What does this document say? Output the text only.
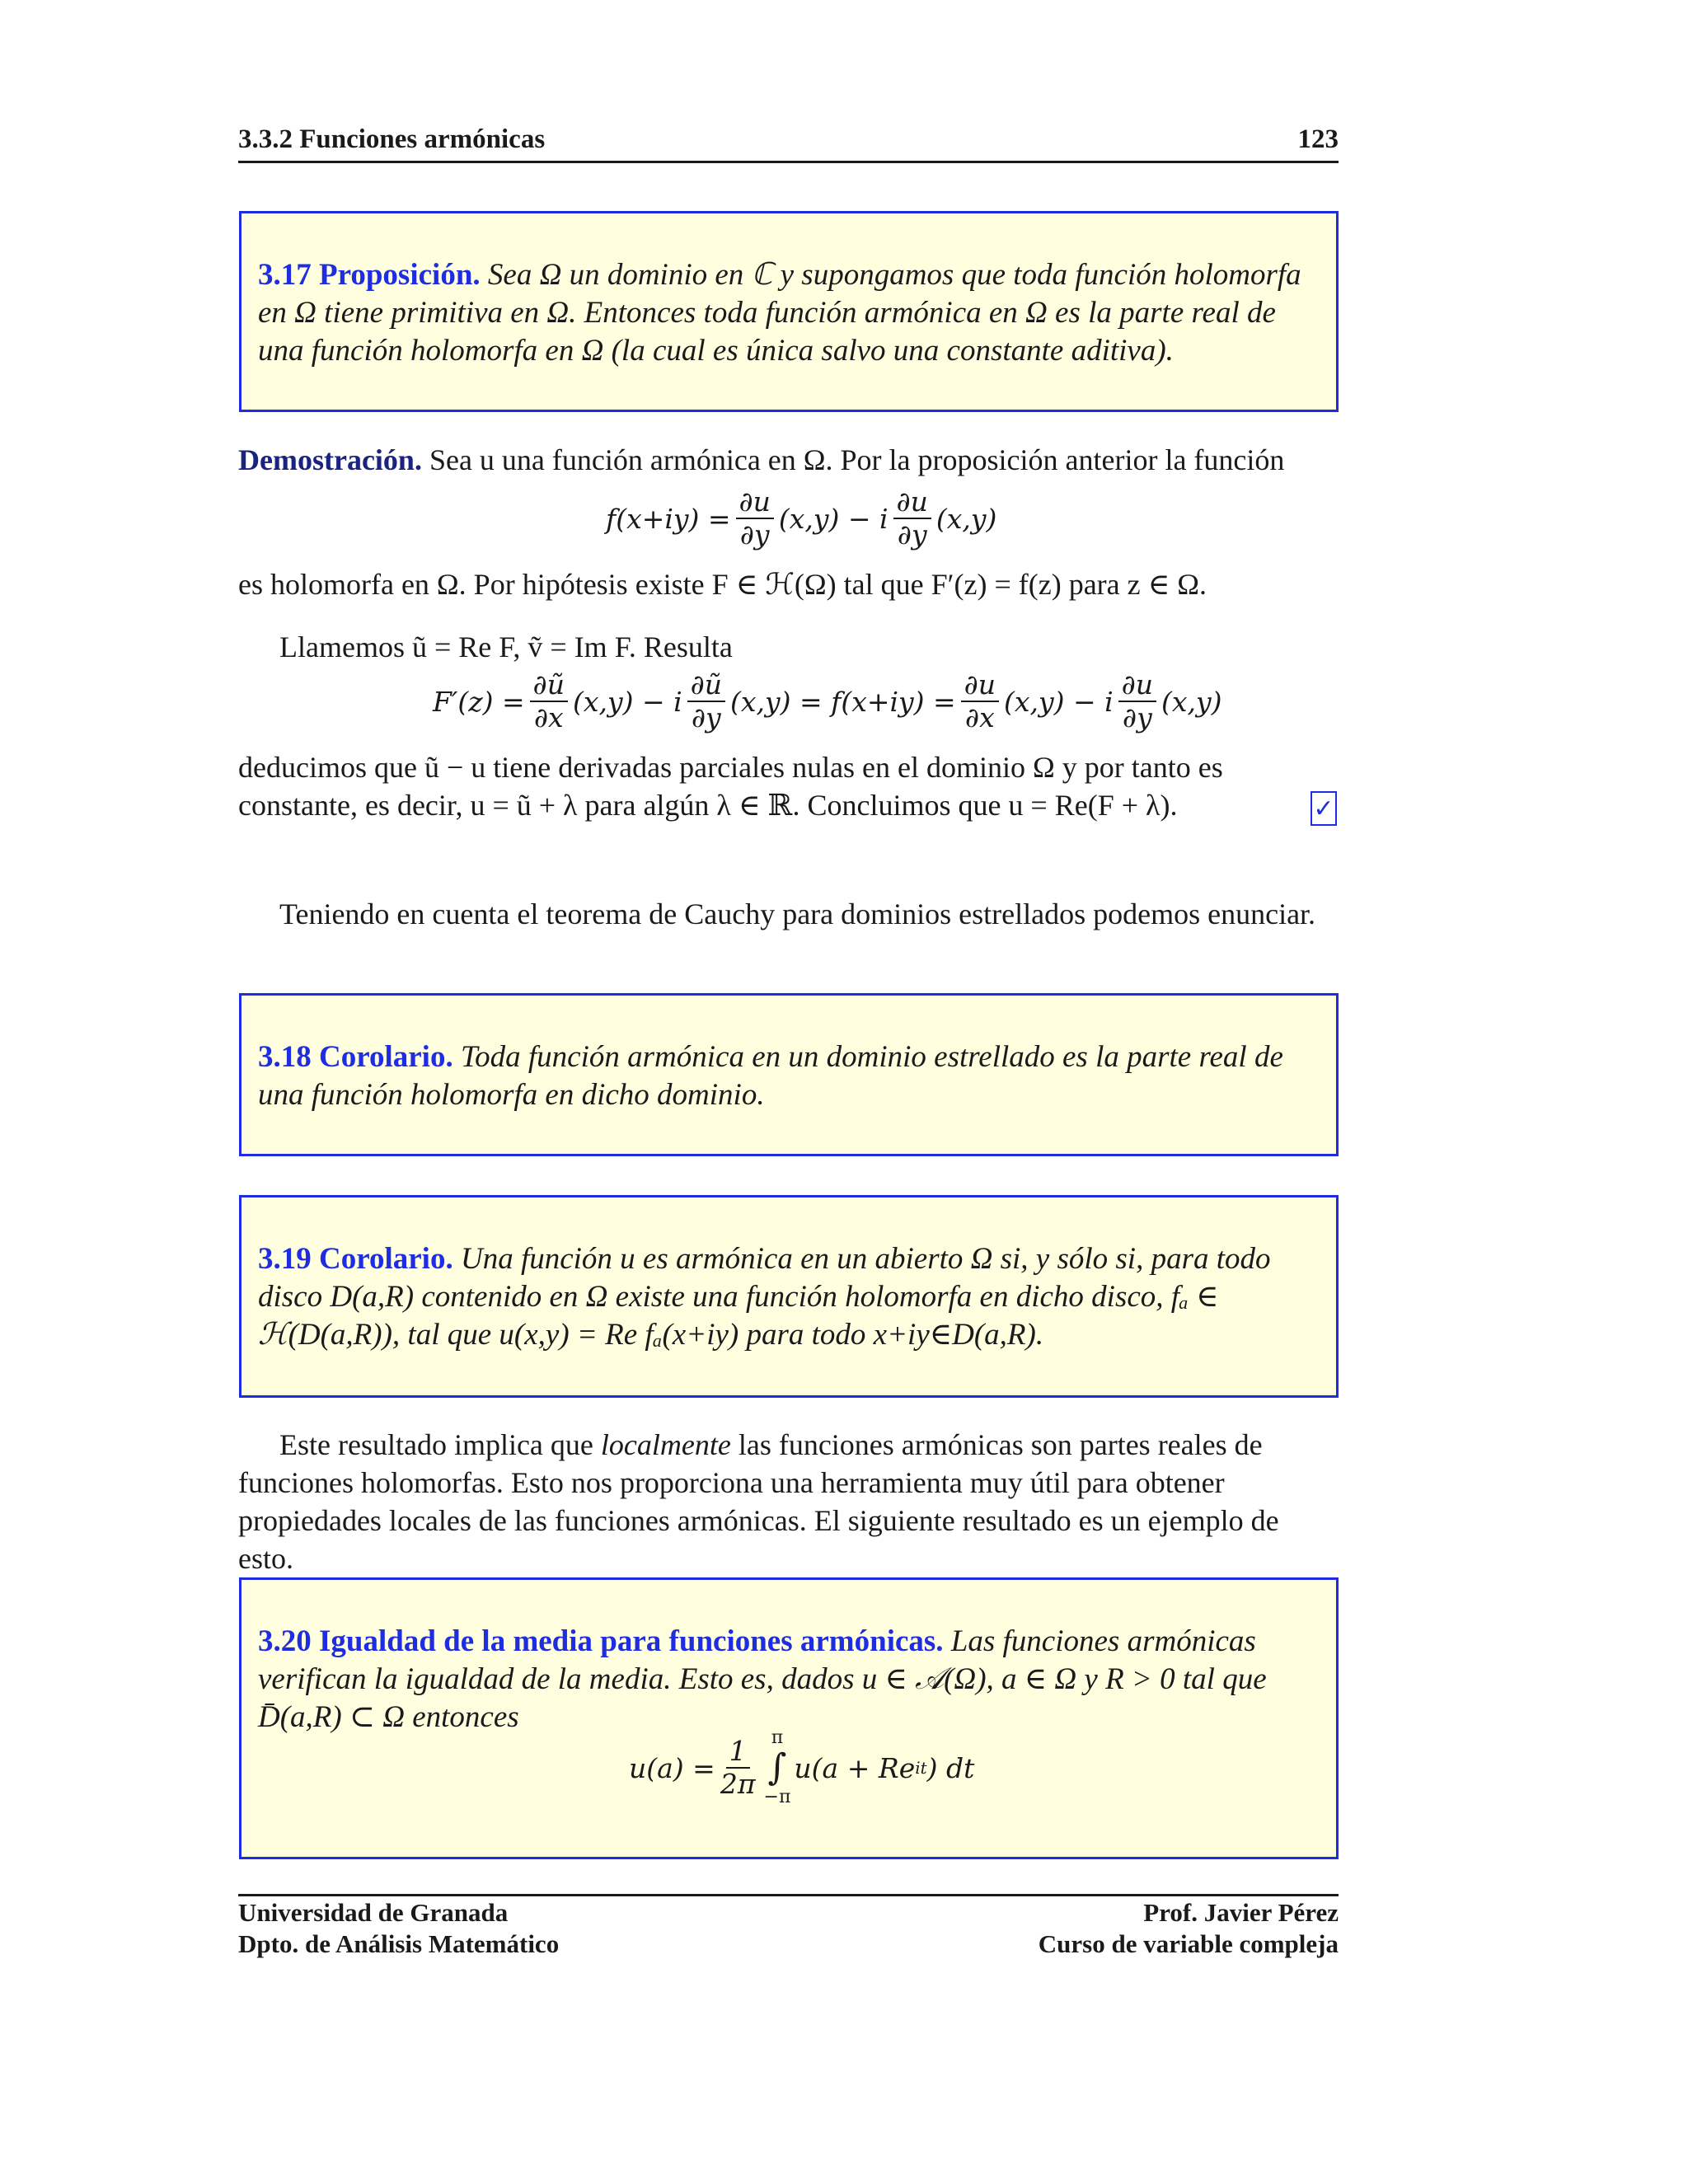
3.3.2 Funciones armónicas	123

3.17 Proposición. Sea Ω un dominio en ℂ y supongamos que toda función holomorfa en Ω tiene primitiva en Ω. Entonces toda función armónica en Ω es la parte real de una función holomorfa en Ω (la cual es única salvo una constante aditiva).

Demostración. Sea u una función armónica en Ω. Por la proposición anterior la función

$f(x+iy) = \frac{\partial u}{\partial y} (x,y) - i \frac{\partial u}{\partial y} (x,y)$

es holomorfa en Ω. Por hipótesis existe F ∈ ℋ(Ω) tal que F′(z) = f(z) para z ∈ Ω.

Llamemos ũ = Re F, ṽ = Im F. Resulta

$F'(z) = \frac{\partial ũ}{\partial x} (x,y) - i \frac{\partial ũ}{\partial y} (x,y) = f(x+iy) = \frac{\partial u}{\partial x} (x,y) - i \frac{\partial u}{\partial y} (x,y)$

deducimos que ũ − u tiene derivadas parciales nulas en el dominio Ω y por tanto es constante, es decir, u = ũ + λ para algún λ ∈ ℝ. Concluimos que u = Re(F + λ).	✓

Teniendo en cuenta el teorema de Cauchy para dominios estrellados podemos enunciar.

3.18 Corolario. Toda función armónica en un dominio estrellado es la parte real de una función holomorfa en dicho dominio.

3.19 Corolario. Una función u es armónica en un abierto Ω si, y sólo si, para todo disco D(a,R) contenido en Ω existe una función holomorfa en dicho disco, fₐ ∈ ℋ(D(a,R)), tal que u(x,y) = Re fₐ(x+iy) para todo x+iy∈D(a,R).

Este resultado implica que localmente las funciones armónicas son partes reales de funciones holomorfas. Esto nos proporciona una herramienta muy útil para obtener propiedades locales de las funciones armónicas. El siguiente resultado es un ejemplo de esto.

3.20 Igualdad de la media para funciones armónicas. Las funciones armónicas verifican la igualdad de la media. Esto es, dados u ∈ 𝒜(Ω), a ∈ Ω y R > 0 tal que D̄(a,R) ⊂ Ω entonces

$u(a) = \frac{1}{2\pi}$ π
∫
−π
u(a + Re it ) dt
Universidad de Granada
Dpto. de Análisis Matemático
Prof. Javier Pérez
Curso de variable compleja
